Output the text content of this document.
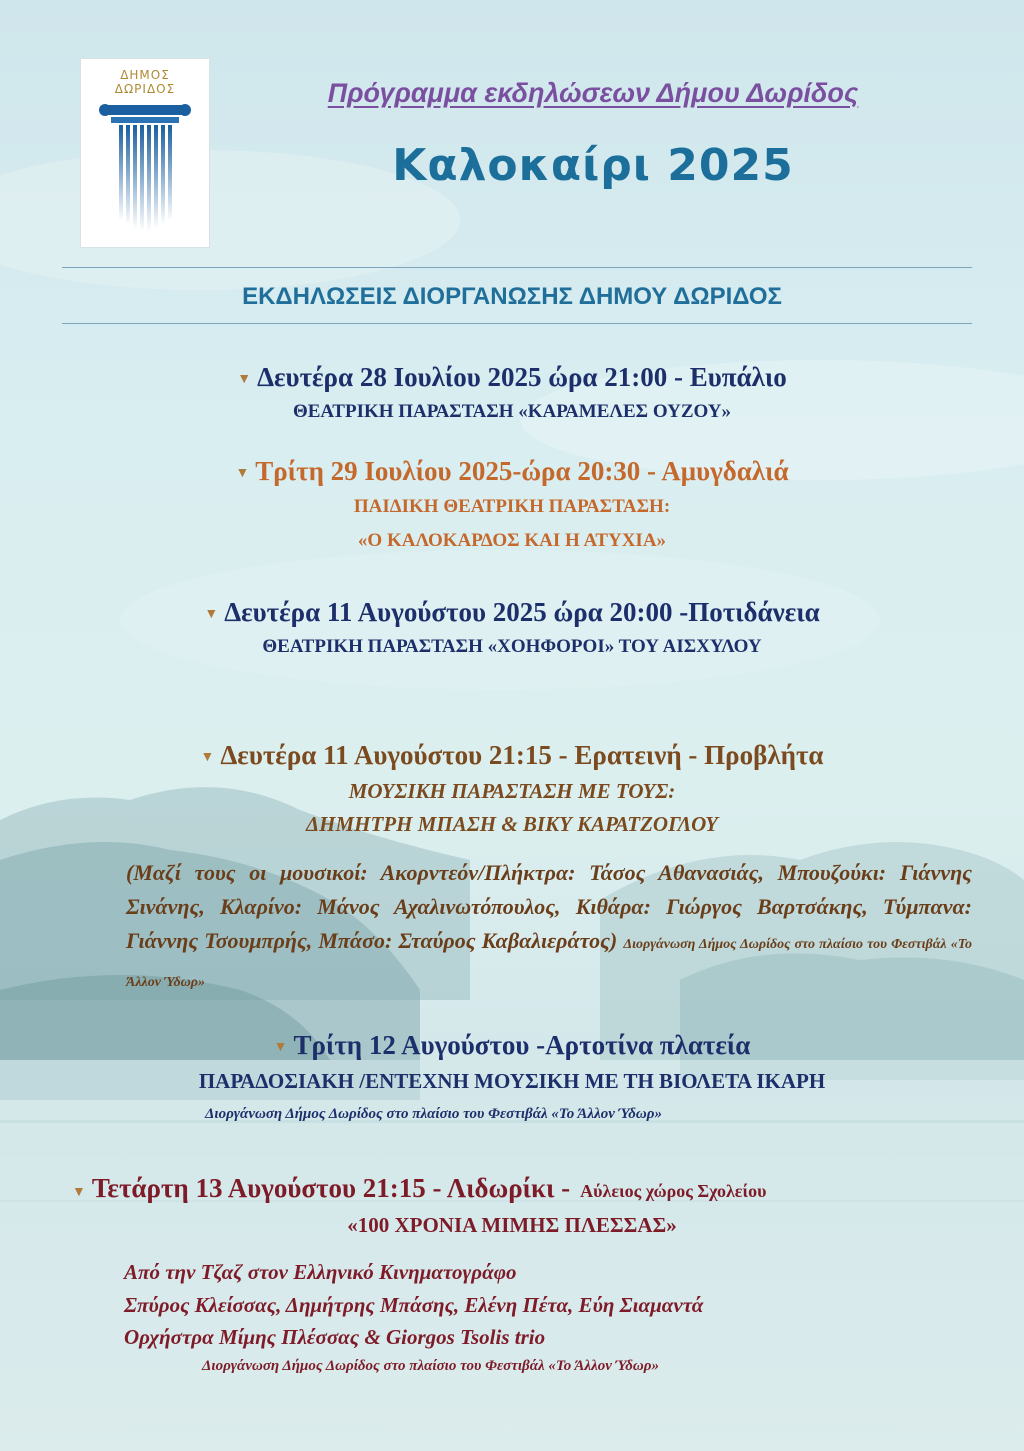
ΔΗΜΟΣ
ΔΩΡΙΔΟΣ	Πρόγραμμα εκδηλώσεων Δήμου Δωρίδος
Καλοκαίρι 2025
ΕΚΔΗΛΩΣΕΙΣ ΔΙΟΡΓΑΝΩΣΗΣ ΔΗΜΟΥ ΔΩΡΙΔΟΣ
▼ Δευτέρα 28 Ιουλίου 2025 ώρα 21:00 - Ευπάλιο
ΘΕΑΤΡΙΚΗ ΠΑΡΑΣΤΑΣΗ «ΚΑΡΑΜΕΛΕΣ ΟΥΖΟΥ»
▼ Τρίτη 29 Ιουλίου 2025-ώρα 20:30 - Αμυγδαλιά
ΠΑΙΔΙΚΗ ΘΕΑΤΡΙΚΗ ΠΑΡΑΣΤΑΣΗ:
«Ο ΚΑΛΟΚΑΡΔΟΣ ΚΑΙ Η ΑΤΥΧΙΑ»
▼ Δευτέρα 11 Αυγούστου 2025 ώρα 20:00 -Ποτιδάνεια
ΘΕΑΤΡΙΚΗ ΠΑΡΑΣΤΑΣΗ «ΧΟΗΦΟΡΟΙ» ΤΟΥ ΑΙΣΧΥΛΟΥ
▼ Δευτέρα 11 Αυγούστου 21:15 - Ερατεινή - Προβλήτα
ΜΟΥΣΙΚΗ ΠΑΡΑΣΤΑΣΗ ΜΕ ΤΟΥΣ:
ΔΗΜΗΤΡΗ ΜΠΑΣΗ & ΒΙΚΥ ΚΑΡΑΤΖΟΓΛΟΥ
(Μαζί τους οι μουσικοί: Ακορντεόν/Πλήκτρα: Τάσος Αθανασιάς, Μπουζούκι: Γιάννης Σινάνης, Κλαρίνο: Μάνος Αχαλινωτόπουλος, Κιθάρα: Γιώργος Βαρτσάκης, Τύμπανα: Γιάννης Τσουμπρής, Μπάσο: Σταύρος Καβαλιεράτος) Διοργάνωση Δήμος Δωρίδος στο πλαίσιο του Φεστιβάλ «Το Άλλον Ύδωρ»
▼ Τρίτη 12 Αυγούστου -Αρτοτίνα πλατεία
ΠΑΡΑΔΟΣΙΑΚΗ /ΕΝΤΕΧΝΗ ΜΟΥΣΙΚΗ ΜΕ ΤΗ ΒΙΟΛΕΤΑ ΙΚΑΡΗ
Διοργάνωση Δήμος Δωρίδος στο πλαίσιο του Φεστιβάλ «Το Άλλον Ύδωρ»
▼ Τετάρτη 13 Αυγούστου 21:15 - Λιδωρίκι - Αύλειος χώρος Σχολείου
«100 ΧΡΟΝΙΑ ΜΙΜΗΣ ΠΛΕΣΣΑΣ»
Από την Τζαζ στον Ελληνικό Κινηματογράφο
Σπύρος Κλείσσας, Δημήτρης Μπάσης, Ελένη Πέτα, Εύη Σιαμαντά
Ορχήστρα Μίμης Πλέσσας & Giorgos Tsolis trio
Διοργάνωση Δήμος Δωρίδος στο πλαίσιο του Φεστιβάλ «Το Άλλον Ύδωρ»
